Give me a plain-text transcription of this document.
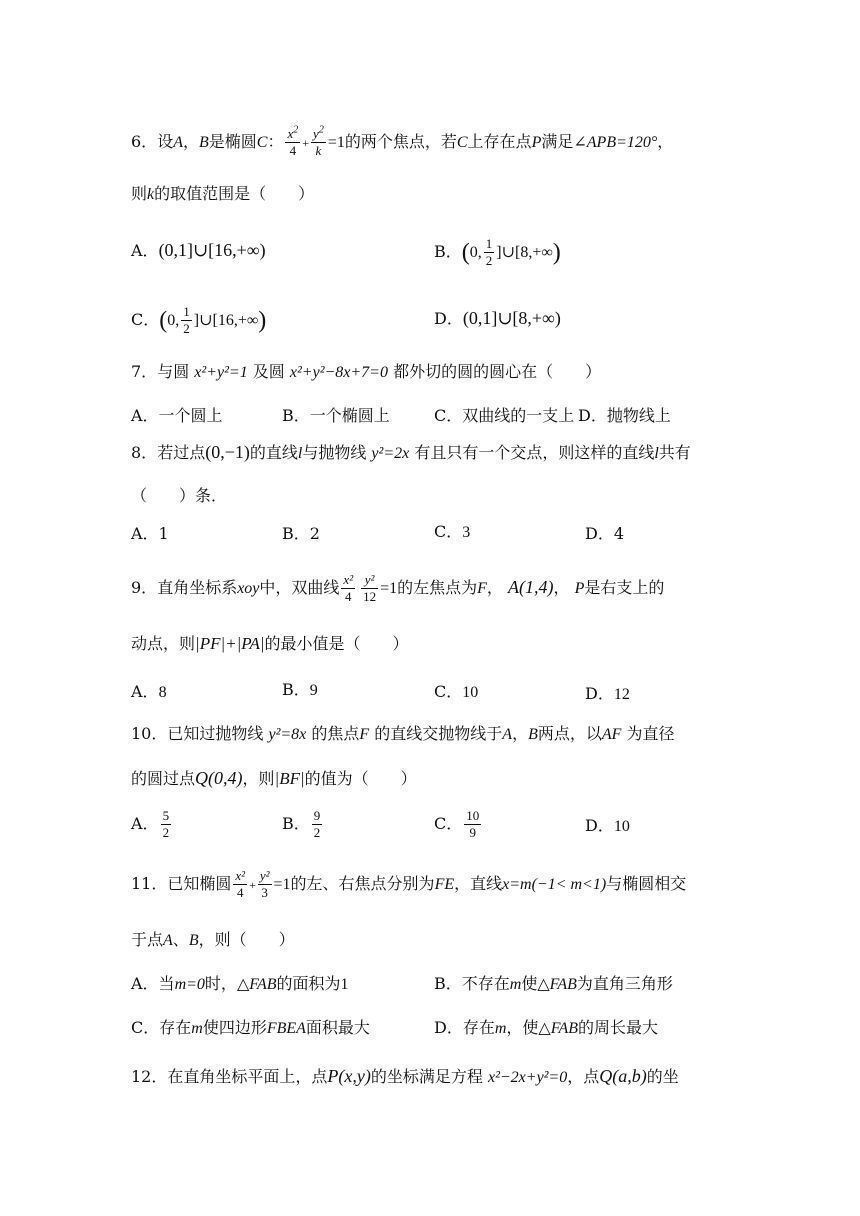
6．设A，B是椭圆C： $\frac{x^2}{4} + \frac{y^2}{k} =1$的两个焦点，若C上存在点P满足∠APB=120°，
则k的取值范围是（　　）
A．(0,1]∪[16,+∞)	B．(0, $\frac{1}{2}$ ]∪[8,+∞)
C．(0, $\frac{1}{2}$ ]∪[16,+∞)	D．(0,1]∪[8,+∞)
7．与圆 x²+y²=1 及圆 x²+y²−8x+7=0 都外切的圆的圆心在（　　）
A．一个圆上	B．一个椭圆上	C．双曲线的一支上 D．抛物线上
8．若过点(0,−1)的直线l与抛物线 y²=2x 有且只有一个交点，则这样的直线l共有
（　　）条．
A．1	B．2	C．3	D．4
9．直角坐标系xoy中，双曲线 $\frac{\text{x²}}{4} \frac{\text{y²}}{12} =1$的左焦点为F， A(1,4)， P是右支上的
动点，则|PF|+|PA|的最小值是（　　）
A．8	B．9	C．10	D．12
10．已知过抛物线 y²=8x 的焦点F 的直线交抛物线于A，B两点，以AF 为直径
的圆过点Q(0,4)，则|BF|的值为（　　）
A． $\frac{5}{2}$	B． $\frac{9}{2}$	C． $\frac{10}{9}$	D．10
11．已知椭圆 $\frac{\text{x²}}{4} + \frac{\text{y²}}{3} =1$的左、右焦点分别为FE，直线x=m(−1< m<1)与椭圆相交
于点A、B，则（　　）
A．当m=0时，△FAB的面积为1	B．不存在m使△FAB为直角三角形
C．存在m使四边形FBEA面积最大	D．存在m，使△FAB的周长最大
12．在直角坐标平面上，点P(x,y)的坐标满足方程 x²−2x+y²=0，点Q(a,b)的坐
